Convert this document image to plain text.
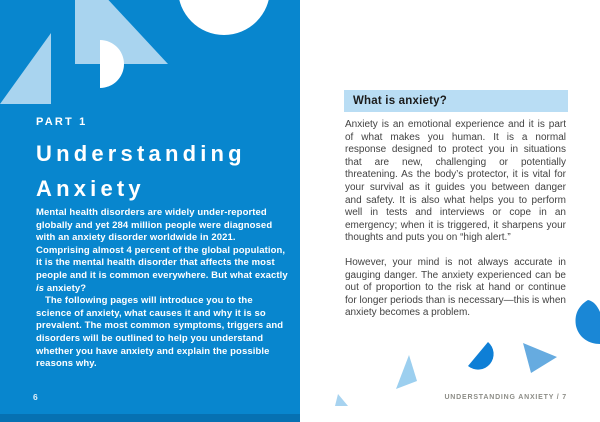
PART 1
Understanding
Anxiety

Mental health disorders are widely under-reported globally and yet 284 million people were diagnosed with an anxiety disorder worldwide in 2021. Comprising almost 4 percent of the global population, it is the mental health disorder that affects the most people and it is common everywhere. But what exactly is anxiety?

The following pages will introduce you to the science of anxiety, what causes it and why it is so prevalent. The most common symptoms, triggers and disorders will be outlined to help you understand whether you have anxiety and explain the possible reasons why.

6
What is anxiety?

Anxiety is an emotional experience and it is part of what makes you human. It is a normal response designed to protect you in situations that are new, challenging or potentially threatening. As the body’s protector, it is vital for your survival as it guides you between danger and safety. It is also what helps you to perform well in tests and interviews or cope in an emergency; when it is triggered, it sharpens your thoughts and puts you on “high alert.”

However, your mind is not always accurate in gauging danger. The anxiety experienced can be out of proportion to the risk at hand or continue for longer periods than is necessary—this is when anxiety becomes a problem.

UNDERSTANDING ANXIETY / 7
